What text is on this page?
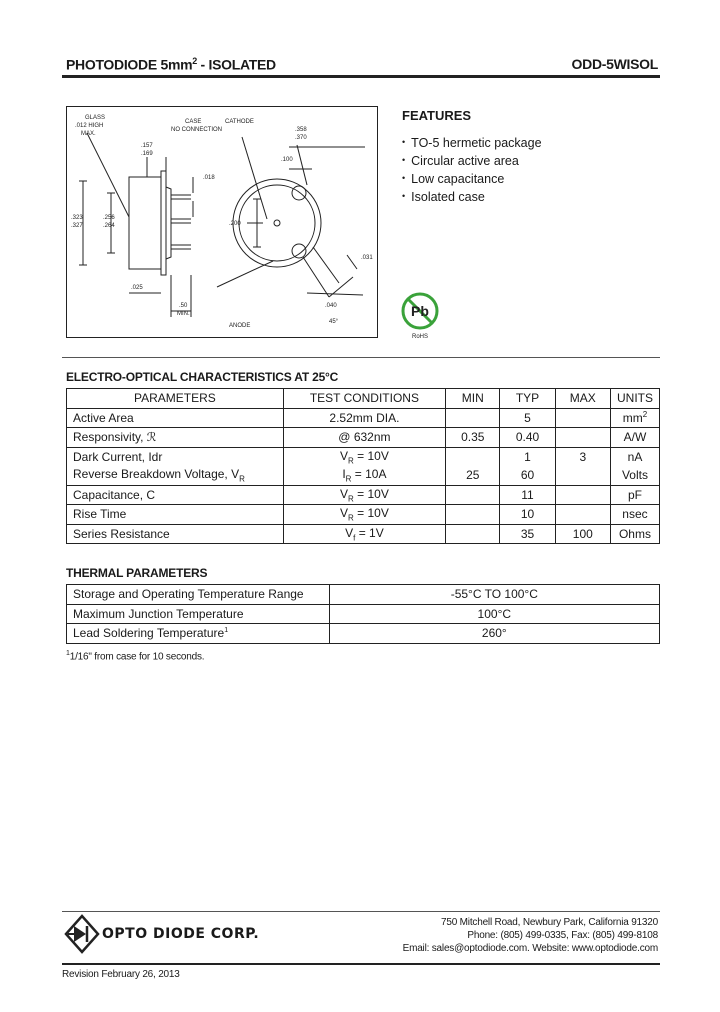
PHOTODIODE $5mm^2$ - ISOLATED	ODD-5WISOL
GLASS
.012 HIGH
MAX.
CASE
NO CONNECTION
CATHODE
ANODE
.157
.169
.358
.370
.100
.018
.323
.327
.256
.264	.200
.031
.040
.025
.50
MIN.
45°
FEATURES
• TO-5 hermetic package
• Circular active area
• Low capacitance
• Isolated case
Pb
RoHS
ELECTRO-OPTICAL CHARACTERISTICS AT 25°C
PARAMETERS	TEST CONDITIONS	MIN	TYP	MAX	UNITS
Active Area	2.52mm DIA.		5		$mm^2$
Responsivity, ℛ	@ 632nm	0.35	0.40		A/W
Dark Current, Idr	$V_R = 10V$		1	3	nA
Reverse Breakdown Voltage, $V_R$	$I_R = 10A$	25	60		Volts
Capacitance, C	$V_R = 10V$		11		pF
Rise Time	$V_R = 10V$		10		nsec
Series Resistance	$V_f = 1V$		35	100	Ohms
THERMAL PARAMETERS
Storage and Operating Temperature Range	-55°C TO 100°C
Maximum Junction Temperature	100°C
Lead Soldering Temperature$^1$	260°
$^1$1/16" from case for 10 seconds.
OPTO DIODE CORP.
750 Mitchell Road, Newbury Park, California 91320
Phone: (805) 499-0335, Fax: (805) 499-8108
Email: sales@optodiode.com. Website: www.optodiode.com
Revision February 26, 2013
